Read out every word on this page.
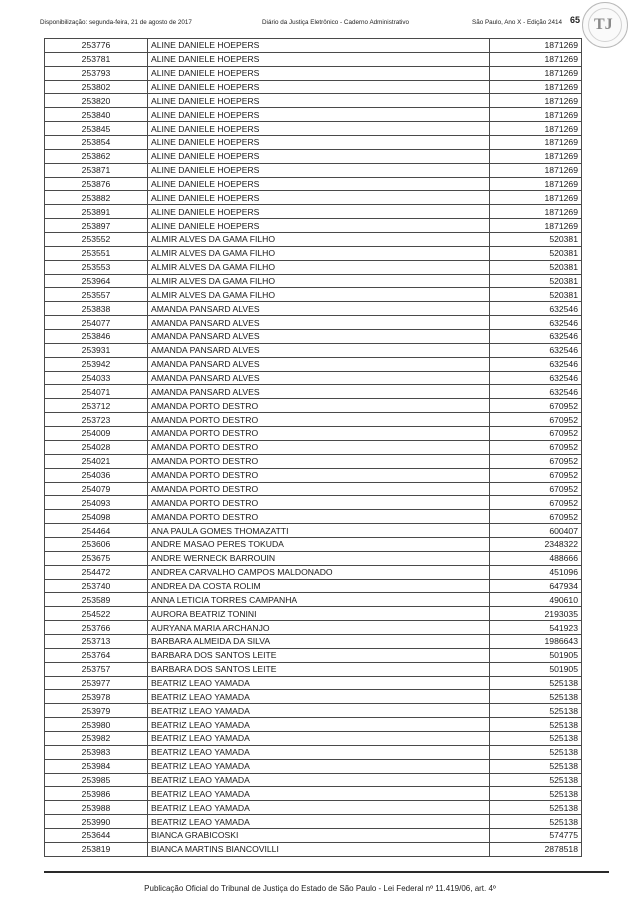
Disponibilização: segunda-feira, 21 de agosto de 2017	Diário da Justiça Eletrônico - Caderno Administrativo	São Paulo, Ano X - Edição 2414 65 TJ
253776	ALINE DANIELE HOEPERS	1871269
253781	ALINE DANIELE HOEPERS	1871269
253793	ALINE DANIELE HOEPERS	1871269
253802	ALINE DANIELE HOEPERS	1871269
253820	ALINE DANIELE HOEPERS	1871269
253840	ALINE DANIELE HOEPERS	1871269
253845	ALINE DANIELE HOEPERS	1871269
253854	ALINE DANIELE HOEPERS	1871269
253862	ALINE DANIELE HOEPERS	1871269
253871	ALINE DANIELE HOEPERS	1871269
253876	ALINE DANIELE HOEPERS	1871269
253882	ALINE DANIELE HOEPERS	1871269
253891	ALINE DANIELE HOEPERS	1871269
253897	ALINE DANIELE HOEPERS	1871269
253552	ALMIR ALVES DA GAMA FILHO	520381
253551	ALMIR ALVES DA GAMA FILHO	520381
253553	ALMIR ALVES DA GAMA FILHO	520381
253964	ALMIR ALVES DA GAMA FILHO	520381
253557	ALMIR ALVES DA GAMA FILHO	520381
253838	AMANDA PANSARD ALVES	632546
254077	AMANDA PANSARD ALVES	632546
253846	AMANDA PANSARD ALVES	632546
253931	AMANDA PANSARD ALVES	632546
253942	AMANDA PANSARD ALVES	632546
254033	AMANDA PANSARD ALVES	632546
254071	AMANDA PANSARD ALVES	632546
253712	AMANDA PORTO DESTRO	670952
253723	AMANDA PORTO DESTRO	670952
254009	AMANDA PORTO DESTRO	670952
254028	AMANDA PORTO DESTRO	670952
254021	AMANDA PORTO DESTRO	670952
254036	AMANDA PORTO DESTRO	670952
254079	AMANDA PORTO DESTRO	670952
254093	AMANDA PORTO DESTRO	670952
254098	AMANDA PORTO DESTRO	670952
254464	ANA PAULA GOMES THOMAZATTI	600407
253606	ANDRE MASAO PERES TOKUDA	2348322
253675	ANDRE WERNECK BARROUIN	488666
254472	ANDREA CARVALHO CAMPOS MALDONADO	451096
253740	ANDREA DA COSTA ROLIM	647934
253589	ANNA LETICIA TORRES CAMPANHA	490610
254522	AURORA BEATRIZ TONINI	2193035
253766	AURYANA MARIA ARCHANJO	541923
253713	BARBARA ALMEIDA DA SILVA	1986643
253764	BARBARA DOS SANTOS LEITE	501905
253757	BARBARA DOS SANTOS LEITE	501905
253977	BEATRIZ LEAO YAMADA	525138
253978	BEATRIZ LEAO YAMADA	525138
253979	BEATRIZ LEAO YAMADA	525138
253980	BEATRIZ LEAO YAMADA	525138
253982	BEATRIZ LEAO YAMADA	525138
253983	BEATRIZ LEAO YAMADA	525138
253984	BEATRIZ LEAO YAMADA	525138
253985	BEATRIZ LEAO YAMADA	525138
253986	BEATRIZ LEAO YAMADA	525138
253988	BEATRIZ LEAO YAMADA	525138
253990	BEATRIZ LEAO YAMADA	525138
253644	BIANCA GRABICOSKI	574775
253819	BIANCA MARTINS BIANCOVILLI	2878518
Publicação Oficial do Tribunal de Justiça do Estado de São Paulo - Lei Federal nº 11.419/06, art. 4º
